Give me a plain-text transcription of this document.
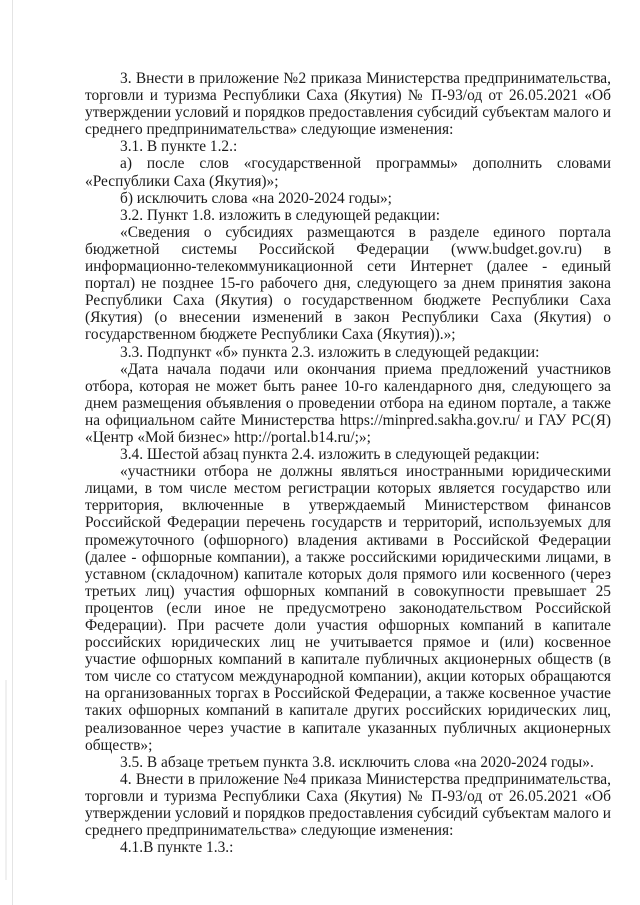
3. Внести в приложение №2 приказа Министерства предпринимательства, торговли и туризма Республики Саха (Якутия) № П-93/од от 26.05.2021 «Об утверждении условий и порядков предоставления субсидий субъектам малого и среднего предпринимательства» следующие изменения:

3.1. В пункте 1.2.:

а) после слов «государственной программы» дополнить словами «Республики Саха (Якутия)»;

б) исключить слова «на 2020-2024 годы»;

3.2. Пункт 1.8. изложить в следующей редакции:

«Сведения о субсидиях размещаются в разделе единого портала бюджетной системы Российской Федерации (www.budget.gov.ru) в информационно-телекоммуникационной сети Интернет (далее - единый портал) не позднее 15-го рабочего дня, следующего за днем принятия закона Республики Саха (Якутия) о государственном бюджете Республики Саха (Якутия) (о внесении изменений в закон Республики Саха (Якутия) о государственном бюджете Республики Саха (Якутия)).»;

3.3. Подпункт «б» пункта 2.3. изложить в следующей редакции:

«Дата начала подачи или окончания приема предложений участников отбора, которая не может быть ранее 10-го календарного дня, следующего за днем размещения объявления о проведении отбора на едином портале, а также на официальном сайте Министерства https://minpred.sakha.gov.ru/ и ГАУ РС(Я) «Центр «Мой бизнес» http://portal.b14.ru/;»;

3.4. Шестой абзац пункта 2.4. изложить в следующей редакции:

«участники отбора не должны являться иностранными юридическими лицами, в том числе местом регистрации которых является государство или территория, включенные в утверждаемый Министерством финансов Российской Федерации перечень государств и территорий, используемых для промежуточного (офшорного) владения активами в Российской Федерации (далее - офшорные компании), а также российскими юридическими лицами, в уставном (складочном) капитале которых доля прямого или косвенного (через третьих лиц) участия офшорных компаний в совокупности превышает 25 процентов (если иное не предусмотрено законодательством Российской Федерации). При расчете доли участия офшорных компаний в капитале российских юридических лиц не учитывается прямое и (или) косвенное участие офшорных компаний в капитале публичных акционерных обществ (в том числе со статусом международной компании), акции которых обращаются на организованных торгах в Российской Федерации, а также косвенное участие таких офшорных компаний в капитале других российских юридических лиц, реализованное через участие в капитале указанных публичных акционерных обществ»;

3.5. В абзаце третьем пункта 3.8. исключить слова «на 2020-2024 годы».

4. Внести в приложение №4 приказа Министерства предпринимательства, торговли и туризма Республики Саха (Якутия) № П-93/од от 26.05.2021 «Об утверждении условий и порядков предоставления субсидий субъектам малого и среднего предпринимательства» следующие изменения:

4.1.В пункте 1.3.:
